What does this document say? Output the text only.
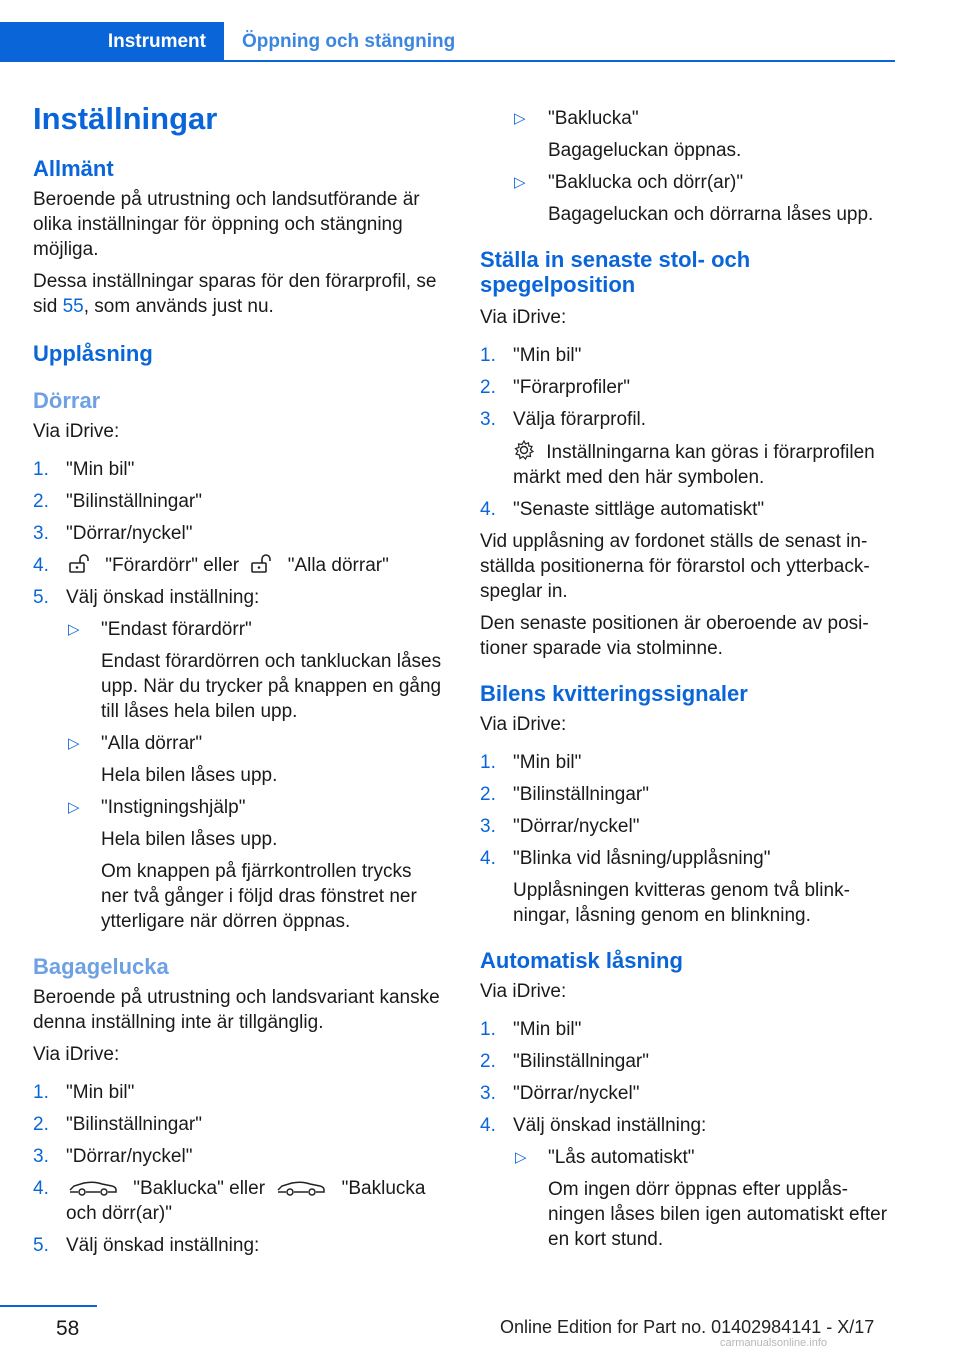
Instrument	Öppning och stängning
Inställningar
Allmänt
Beroende på utrustning och landsutförande är olika inställningar för öppning och stängning möjliga.
Dessa inställningar sparas för den förarprofil, se sid 55, som används just nu.
Upplåsning
Dörrar
Via iDrive:
1. "Min bil"
2. "Bilinställningar"
3. "Dörrar/nyckel"
4.	"Förardörr" eller  "Alla dörrar"
5. Välj önskad inställning:
▷ "Endast förardörr"
Endast förardörren och tankluckan låses upp. När du trycker på knappen en gång till låses hela bilen upp.
▷ "Alla dörrar"
Hela bilen låses upp.
▷ "Instigningshjälp"
Hela bilen låses upp.
Om knappen på fjärrkontrollen trycks ner två gånger i följd dras fönstret ner ytterligare när dörren öppnas.
Bagagelucka
Beroende på utrustning och landsvariant kanske denna inställning inte är tillgänglig.
Via iDrive:
1. "Min bil"
2. "Bilinställningar"
3. "Dörrar/nyckel"
4.	"Baklucka" eller	"Baklucka och dörr(ar)"
5. Välj önskad inställning:
▷ "Baklucka"
Bagageluckan öppnas.
▷ "Baklucka och dörr(ar)"
Bagageluckan och dörrarna låses upp.
Ställa in senaste stol- och spegelposition
Via iDrive:
1. "Min bil"
2. "Förarprofiler"
3. Välja förarprofil.
Inställningarna kan göras i förarprofilen märkt med den här symbolen.
4. "Senaste sittläge automatiskt"
Vid upplåsning av fordonet ställs de senast inställda positionerna för förarstol och ytterbackspeglar in.
Den senaste positionen är oberoende av positioner sparade via stolminne.
Bilens kvitteringssignaler
Via iDrive:
1. "Min bil"
2. "Bilinställningar"
3. "Dörrar/nyckel"
4. "Blinka vid låsning/upplåsning"
Upplåsningen kvitteras genom två blinkningar, låsning genom en blinkning.
Automatisk låsning
Via iDrive:
1. "Min bil"
2. "Bilinställningar"
3. "Dörrar/nyckel"
4. Välj önskad inställning:
▷ "Lås automatiskt"
Om ingen dörr öppnas efter upplåsningen låses bilen igen automatiskt efter en kort stund.
58	Online Edition for Part no. 01402984141 - X/17
carmanualsonline.info
